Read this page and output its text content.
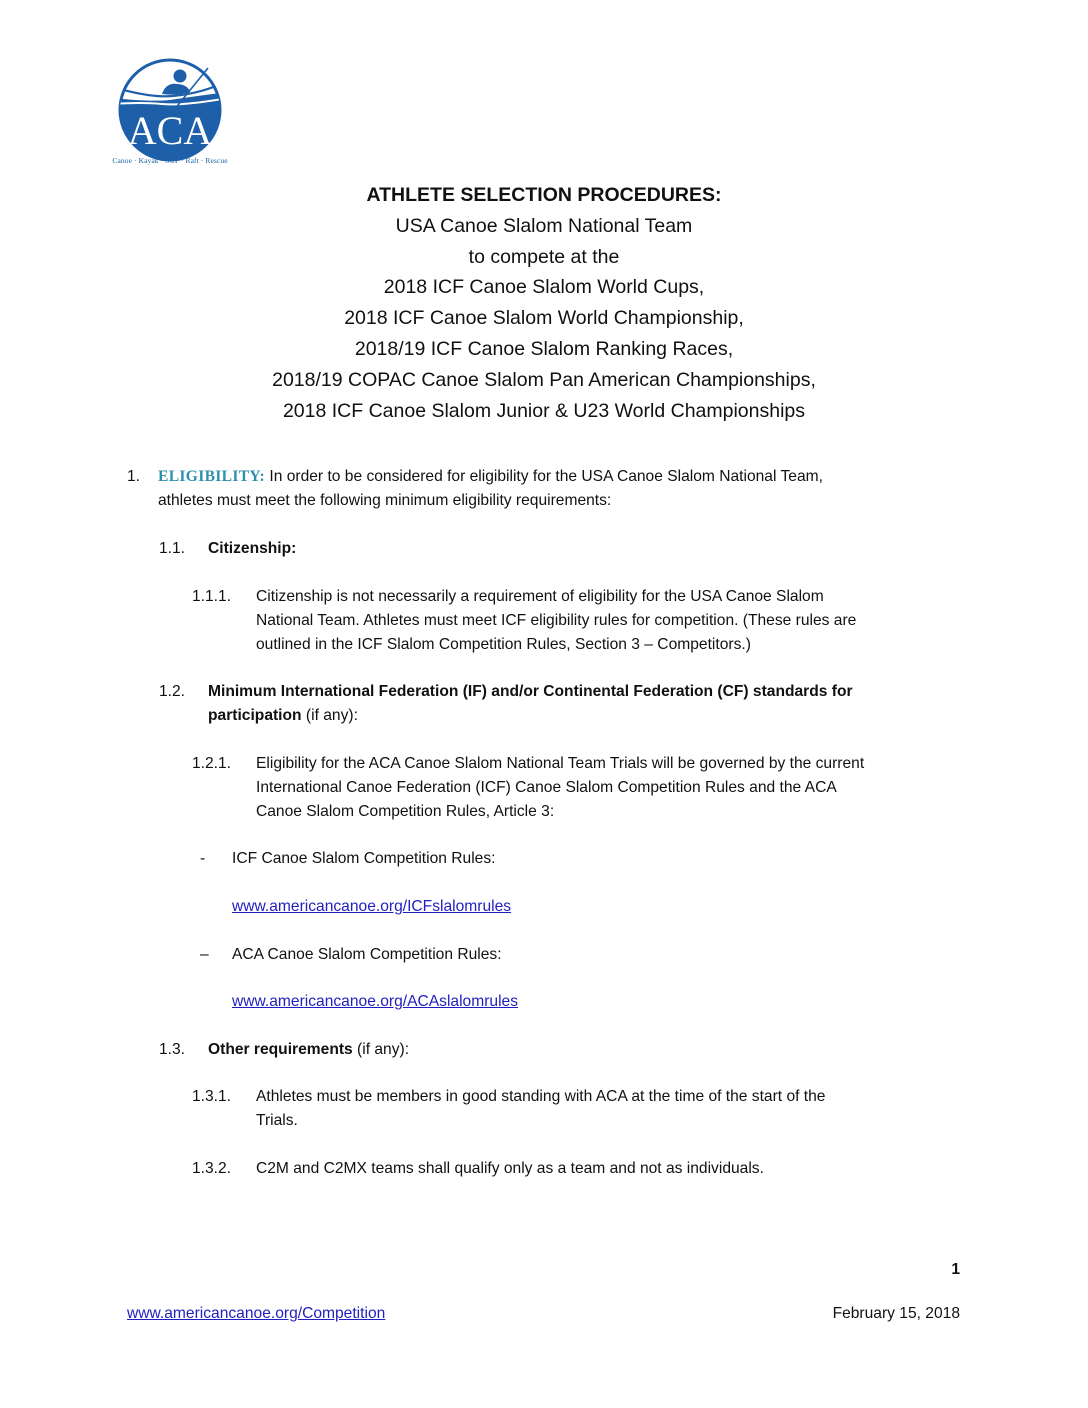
ACA
Canoe · Kayak · SUP · Raft · Rescue
ATHLETE SELECTION PROCEDURES:
USA Canoe Slalom National Team
to compete at the
2018 ICF Canoe Slalom World Cups,
2018 ICF Canoe Slalom World Championship,
2018/19 ICF Canoe Slalom Ranking Races,
2018/19 COPAC Canoe Slalom Pan American Championships,
2018 ICF Canoe Slalom Junior & U23 World Championships
1. ELIGIBILITY: In order to be considered for eligibility for the USA Canoe Slalom National Team,
athletes must meet the following minimum eligibility requirements:
1.1. Citizenship:
1.1.1. Citizenship is not necessarily a requirement of eligibility for the USA Canoe Slalom
National Team. Athletes must meet ICF eligibility rules for competition. (These rules are
outlined in the ICF Slalom Competition Rules, Section 3 – Competitors.)
1.2. Minimum International Federation (IF) and/or Continental Federation (CF) standards for
participation (if any):
1.2.1. Eligibility for the ACA Canoe Slalom National Team Trials will be governed by the current
International Canoe Federation (ICF) Canoe Slalom Competition Rules and the ACA
Canoe Slalom Competition Rules, Article 3:
- ICF Canoe Slalom Competition Rules:
www.americancanoe.org/ICFslalomrules
– ACA Canoe Slalom Competition Rules:
www.americancanoe.org/ACAslalomrules
1.3. Other requirements (if any):
1.3.1. Athletes must be members in good standing with ACA at the time of the start of the
Trials.
1.3.2. C2M and C2MX teams shall qualify only as a team and not as individuals.
1
www.americancanoe.org/Competition	February 15, 2018
